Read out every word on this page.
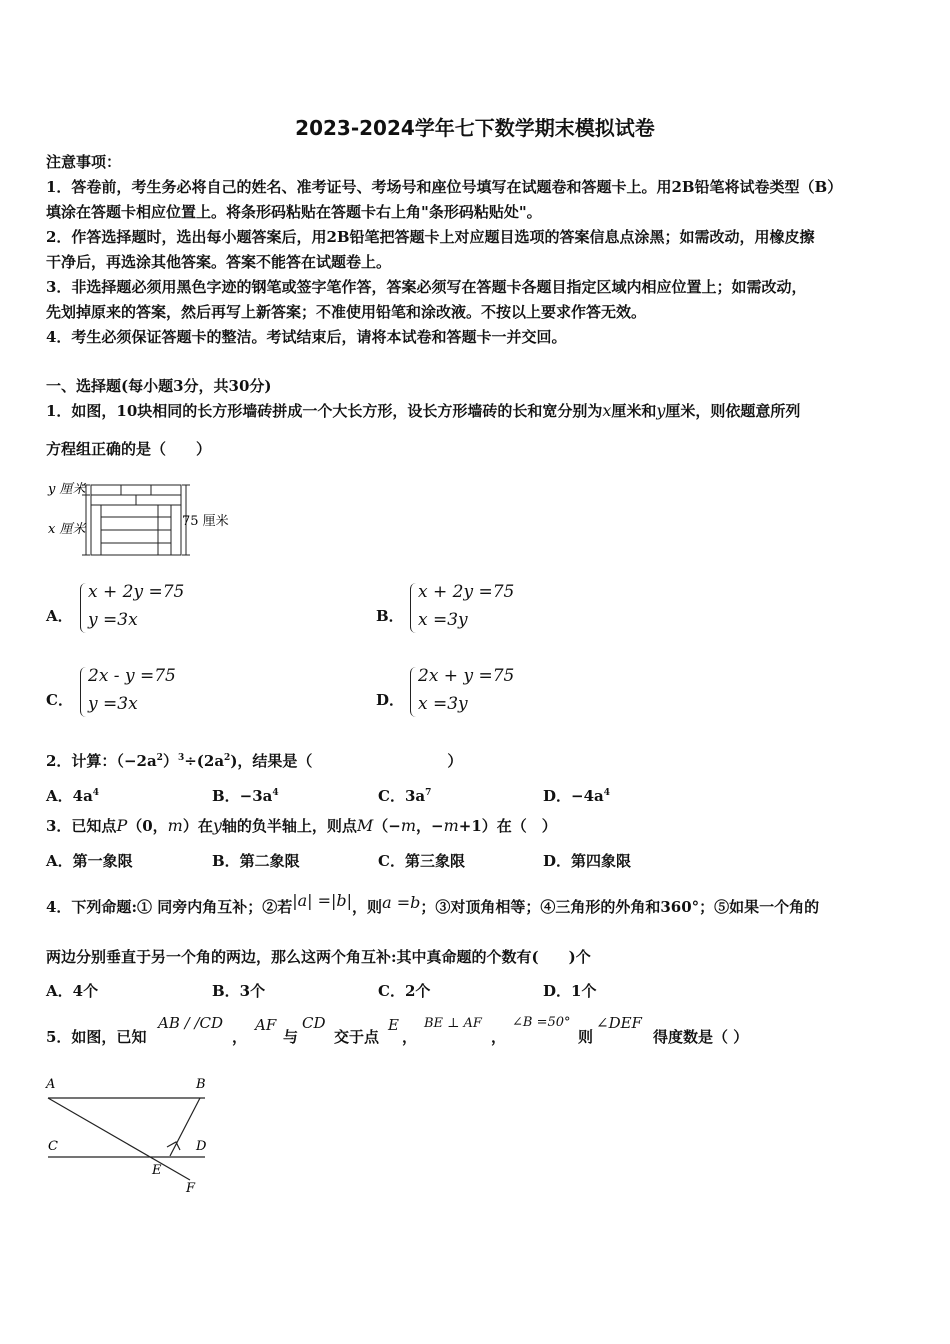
2023-2024学年七下数学期末模拟试卷
注意事项：
1．答卷前，考生务必将自己的姓名、准考证号、考场号和座位号填写在试题卷和答题卡上。用2B铅笔将试卷类型（B）
填涂在答题卡相应位置上。将条形码粘贴在答题卡右上角"条形码粘贴处"。
2．作答选择题时，选出每小题答案后，用2B铅笔把答题卡上对应题目选项的答案信息点涂黑；如需改动，用橡皮擦
干净后，再选涂其他答案。答案不能答在试题卷上。
3．非选择题必须用黑色字迹的钢笔或签字笔作答，答案必须写在答题卡各题目指定区域内相应位置上；如需改动，
先划掉原来的答案，然后再写上新答案；不准使用铅笔和涂改液。不按以上要求作答无效。
4．考生必须保证答题卡的整洁。考试结束后，请将本试卷和答题卡一并交回。
一、选择题(每小题3分，共30分)
1．如图，10块相同的长方形墙砖拼成一个大长方形，设长方形墙砖的长和宽分别为x厘米和y厘米，则依题意所列
方程组正确的是（　　）
y 厘米
x 厘米
75 厘米
A．
x + 2y =75
y =3x	B．
x + 2y =75
x =3y
C．
2x - y =75
y =3x	D．
2x + y =75
x =3y
2．计算：$(-2a^2)^3\div(2a^2)$，结果是（　　　　　　　　　）
A．$4a^4$	B．$-3a^4$	C．$3a^7$	D．$-4a^4$
3．已知点P（0，m）在y轴的负半轴上，则点M（−m，−m+1）在（　）
A．第一象限	B．第二象限	C．第三象限	D．第四象限
4．下列命题:① 同旁内角互补；②若|a| =|b|，则a =b；③对顶角相等；④三角形的外角和360°；⑤如果一个角的
两边分别垂直于另一个角的两边，那么这两个角互补:其中真命题的个数有(　　)个
A．4个	B．3个	C．2个	D．1个
5．如图，已知
AB / /CD
，
AF
与
CD
交于点
E
，
BE ⊥ AF
，
∠B =50°
则
∠DEF
得度数是（ ）
A	B
C	D
E
F
